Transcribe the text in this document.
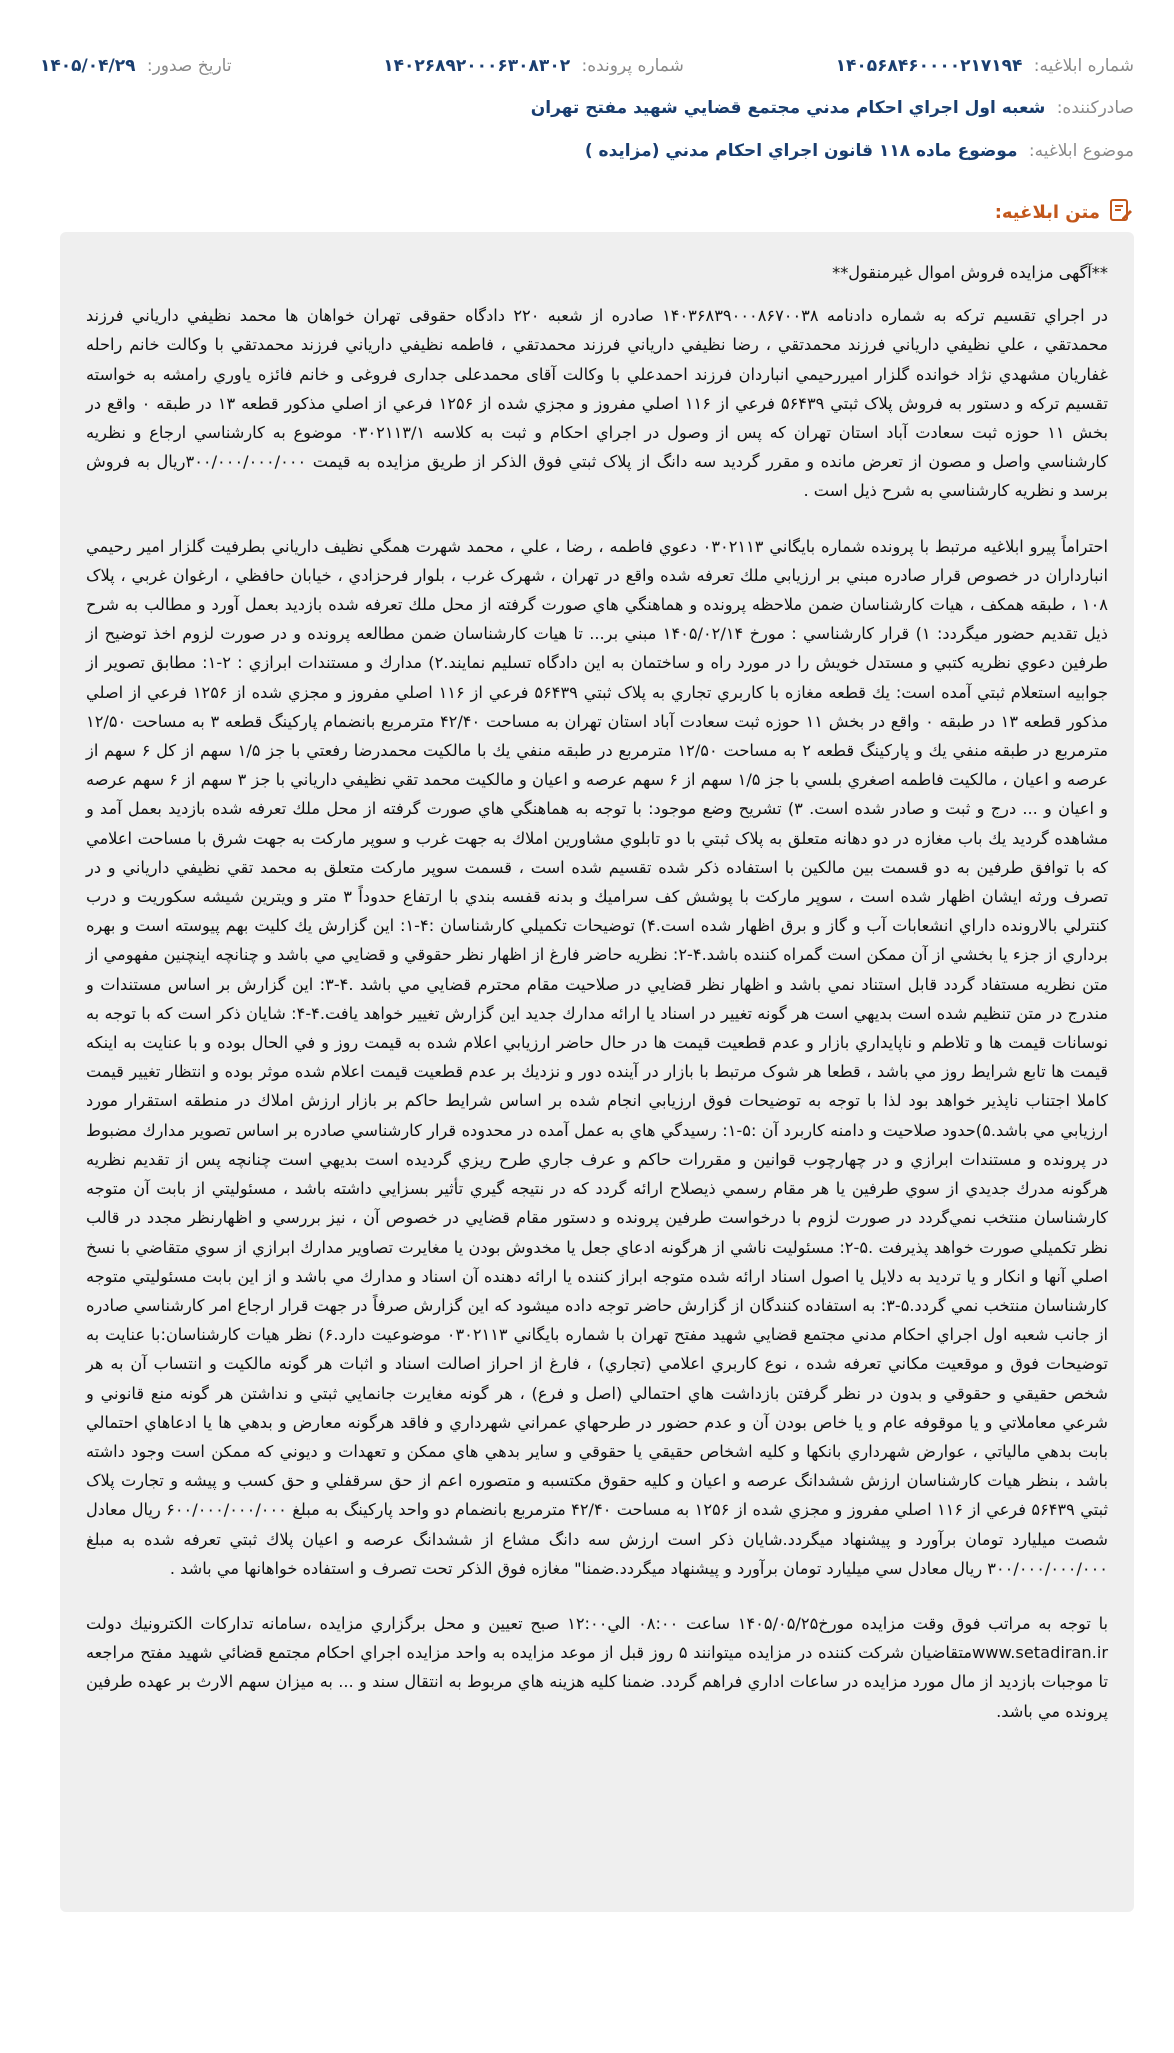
شماره ابلاغيه: ۱۴۰۵۶۸۴۶۰۰۰۰۲۱۷۱۹۴
شماره پرونده: ۱۴۰۲۶۸۹۲۰۰۰۶۳۰۸۳۰۲
تاریخ صدور: ۱۴۰۵/۰۴/۲۹
صادرکننده: شعبه اول اجراي احكام مدني مجتمع قضايي شهيد مفتح تهران
موضوع ابلاغيه: موضوع ماده ۱۱۸ قانون اجراي احكام مدني (مزايده )
متن ابلاغیه:

**آگهی مزایده فروش اموال غیرمنقول**

در اجراي تقسيم تركه به شماره دادنامه ۱۴۰۳۶۸۳۹۰۰۰۸۶۷۰۰۳۸ صادره از شعبه ۲۲۰ دادگاه حقوقی تهران خواهان ها محمد نظيفي دارياني فرزند محمدتقي ، علي نظيفي دارياني فرزند محمدتقي ، رضا نظيفي دارياني فرزند محمدتقي ، فاطمه نظيفي دارياني فرزند محمدتقي با وكالت خانم راحله غفاريان مشهدي نژاد خوانده گلزار اميررحيمي انباردان فرزند احمدعلي با وكالت آقای محمدعلی جداری فروغی و خانم فائزه ياوري رامشه به خواسته تقسيم تركه و دستور به فروش پلاک ثبتي ۵۶۴۳۹ فرعي از ۱۱۶ اصلي مفروز و مجزي شده از ۱۲۵۶ فرعي از اصلي مذكور قطعه ۱۳ در طبقه ۰ واقع در بخش ۱۱ حوزه ثبت سعادت آباد استان تهران كه پس از وصول در اجراي احكام و ثبت به كلاسه ۰۳۰۲۱۱۳/۱ موضوع به كارشناسي ارجاع و نظريه كارشناسي واصل و مصون از تعرض مانده و مقرر گرديد سه دانگ از پلاک ثبتي فوق الذكر از طريق مزايده به قيمت ۳۰۰/۰۰۰/۰۰۰/۰۰۰ريال به فروش برسد و نظريه كارشناسي به شرح ذيل است .

احتراماً پيرو ابلاغيه مرتبط با پرونده شماره بايگاني ۰۳۰۲۱۱۳ دعوي فاطمه ، رضا ، علي ، محمد شهرت همگي نظيف دارياني بطرفيت گلزار امير رحيمي انبارداران در خصوص قرار صادره مبني بر ارزيابي ملك تعرفه شده واقع در تهران ، شهرک غرب ، بلوار فرحزادي ، خيابان حافظي ، ارغوان غربي ، پلاک ۱۰۸ ، طبقه همكف ، هيات كارشناسان ضمن ملاحظه پرونده و هماهنگي هاي صورت گرفته از محل ملك تعرفه شده بازديد بعمل آورد و مطالب به شرح ذيل تقديم حضور ميگردد: ۱) قرار كارشناسي : مورخ ۱۴۰۵/۰۲/۱۴ مبني بر... تا هيات كارشناسان ضمن مطالعه پرونده و در صورت لزوم اخذ توضيح از طرفين دعوي نظريه كتبي و مستدل خويش را در مورد راه و ساختمان به اين دادگاه تسليم نمايند.۲) مدارك و مستندات ابرازي : ۲-۱: مطابق تصوير از جوابيه استعلام ثبتي آمده است: يك قطعه مغازه با كاربري تجاري به پلاک ثبتي ۵۶۴۳۹ فرعي از ۱۱۶ اصلي مفروز و مجزي شده از ۱۲۵۶ فرعي از اصلي مذكور قطعه ۱۳ در طبقه ۰ واقع در بخش ۱۱ حوزه ثبت سعادت آباد استان تهران به مساحت ۴۲/۴۰ مترمربع بانضمام پاركينگ قطعه ۳ به مساحت ۱۲/۵۰ مترمربع در طبقه منفي يك و پاركينگ قطعه ۲ به مساحت ۱۲/۵۰ مترمربع در طبقه منفي يك با مالكيت محمدرضا رفعتي با جز ۱/۵ سهم از كل ۶ سهم از عرصه و اعيان ، مالكيت فاطمه اصغري بلسي با جز ۱/۵ سهم از ۶ سهم عرصه و اعيان و مالكيت محمد تقي نظيفي دارياني با جز ۳ سهم از ۶ سهم عرصه و اعيان و ... درج و ثبت و صادر شده است. ۳) تشريح وضع موجود: با توجه به هماهنگي هاي صورت گرفته از محل ملك تعرفه شده بازديد بعمل آمد و مشاهده گرديد يك باب مغازه در دو دهانه متعلق به پلاک ثبتي با دو تابلوي مشاورين املاك به جهت غرب و سوپر ماركت به جهت شرق با مساحت اعلامي كه با توافق طرفين به دو قسمت بين مالكين با استفاده ذكر شده تقسيم شده است ، قسمت سوپر ماركت متعلق به محمد تقي نظيفي دارياني و در تصرف ورثه ايشان اظهار شده است ، سوپر ماركت با پوشش كف سراميك و بدنه قفسه بندي با ارتفاع حدوداً ۳ متر و ويترين شيشه سكوريت و درب كنترلي بالارونده داراي انشعابات آب و گاز و برق اظهار شده است.۴) توضيحات تكميلي كارشناسان :۴-۱: اين گزارش يك كليت بهم پيوسته است و بهره برداري از جزء يا بخشي از آن ممكن است گمراه كننده باشد.۴-۲: نظريه حاضر فارغ از اظهار نظر حقوقي و قضايي مي باشد و چنانچه اينچنين مفهومي از متن نظريه مستفاد گردد قابل استناد نمي باشد و اظهار نظر قضايي در صلاحيت مقام محترم قضايي مي باشد .۴-۳: اين گزارش بر اساس مستندات و مندرج در متن تنظيم شده است بديهي است هر گونه تغيير در اسناد يا ارائه مدارك جديد اين گزارش تغيير خواهد يافت.۴-۴: شايان ذكر است كه با توجه به نوسانات قيمت ها و تلاطم و ناپايداري بازار و عدم قطعيت قيمت ها در حال حاضر ارزيابي اعلام شده به قيمت روز و في الحال بوده و با عنايت به اينكه قيمت ها تابع شرايط روز مي باشد ، قطعا هر شوک مرتبط با بازار در آينده دور و نزديك بر عدم قطعيت قيمت اعلام شده موثر بوده و انتظار تغيير قيمت كاملا اجتناب ناپذير خواهد بود لذا با توجه به توضيحات فوق ارزيابي انجام شده بر اساس شرايط حاكم بر بازار ارزش املاك در منطقه استقرار مورد ارزيابي مي باشد.۵)حدود صلاحيت و دامنه كاربرد آن :۵-۱: رسيدگي هاي به عمل آمده در محدوده قرار كارشناسي صادره بر اساس تصوير مدارك مضبوط در پرونده و مستندات ابرازي و در چهارچوب قوانين و مقررات حاكم و عرف جاري طرح ريزي گرديده است بديهي است چنانچه پس از تقديم نظريه هرگونه مدرك جديدي از سوي طرفين يا هر مقام رسمي ذيصلاح ارائه گردد كه در نتيجه گيري تأثير بسزايي داشته باشد ، مسئوليتي از بابت آن متوجه كارشناسان منتخب نمي‌گردد در صورت لزوم با درخواست طرفين پرونده و دستور مقام قضايي در خصوص آن ، نيز بررسي و اظهارنظر مجدد در قالب نظر تكميلي صورت خواهد پذيرفت .۵-۲: مسئوليت ناشي از هرگونه ادعاي جعل يا مخدوش بودن يا مغايرت تصاوير مدارك ابرازي از سوي متقاضي با نسخ اصلي آنها و انكار و يا ترديد به دلايل يا اصول اسناد ارائه شده متوجه ابراز كننده يا ارائه دهنده آن اسناد و مدارك مي باشد و از اين بابت مسئوليتي متوجه كارشناسان منتخب نمي گردد.۵-۳: به استفاده كنندگان از گزارش حاضر توجه داده ميشود كه اين گزارش صرفاً در جهت قرار ارجاع امر كارشناسي صادره از جانب شعبه اول اجراي احكام مدني مجتمع قضايي شهيد مفتح تهران با شماره بايگاني ۰۳۰۲۱۱۳ موضوعيت دارد.۶) نظر هيات كارشناسان:با عنايت به توضيحات فوق و موقعيت مكاني تعرفه شده ، نوع كاربري اعلامي (تجاري) ، فارغ از احراز اصالت اسناد و اثبات هر گونه مالكيت و انتساب آن به هر شخص حقيقي و حقوقي و بدون در نظر گرفتن بازداشت هاي احتمالي (اصل و فرع) ، هر گونه مغايرت جانمايي ثبتي و نداشتن هر گونه منع قانوني و شرعي معاملاتي و يا موقوفه عام و يا خاص بودن آن و عدم حضور در طرحهاي عمراني شهرداري و فاقد هرگونه معارض و بدهي ها يا ادعاهاي احتمالي بابت بدهي مالياتي ، عوارض شهرداري بانكها و كليه اشخاص حقيقي يا حقوقي و ساير بدهي هاي ممكن و تعهدات و ديوني كه ممكن است وجود داشته باشد ، بنظر هيات كارشناسان ارزش ششدانگ عرصه و اعيان و كليه حقوق مكتسبه و متصوره اعم از حق سرقفلي و حق كسب و پيشه و تجارت پلاک ثبتي ۵۶۴۳۹ فرعي از ۱۱۶ اصلي مفروز و مجزي شده از ۱۲۵۶ به مساحت ۴۲/۴۰ مترمربع بانضمام دو واحد پاركينگ به مبلغ ۶۰۰/۰۰۰/۰۰۰/۰۰۰ ريال معادل شصت ميليارد تومان برآورد و پيشنهاد ميگردد.شايان ذكر است ارزش سه دانگ مشاع از ششدانگ عرصه و اعيان پلاك ثبتي تعرفه شده به مبلغ ۳۰۰/۰۰۰/۰۰۰/۰۰۰ ريال معادل سي ميليارد تومان برآورد و پيشنهاد ميگردد.ضمنا" مغازه فوق الذكر تحت تصرف و استفاده خواهانها مي باشد .

با توجه به مراتب فوق وقت مزايده مورخ۱۴۰۵/۰۵/۲۵ ساعت ۰۸:۰۰ الي۱۲:۰۰ صبح تعيين و محل برگزاري مزايده ،سامانه تداركات الكترونيك دولت www.setadiran.irمتقاضيان شركت كننده در مزايده ميتوانند ۵ روز قبل از موعد مزايده به واحد مزايده اجراي احكام مجتمع قضائي شهيد مفتح مراجعه تا موجبات بازديد از مال مورد مزايده در ساعات اداري فراهم گردد. ضمنا كليه هزينه هاي مربوط به انتقال سند و ... به ميزان سهم الارث بر عهده طرفين پرونده مي باشد.
